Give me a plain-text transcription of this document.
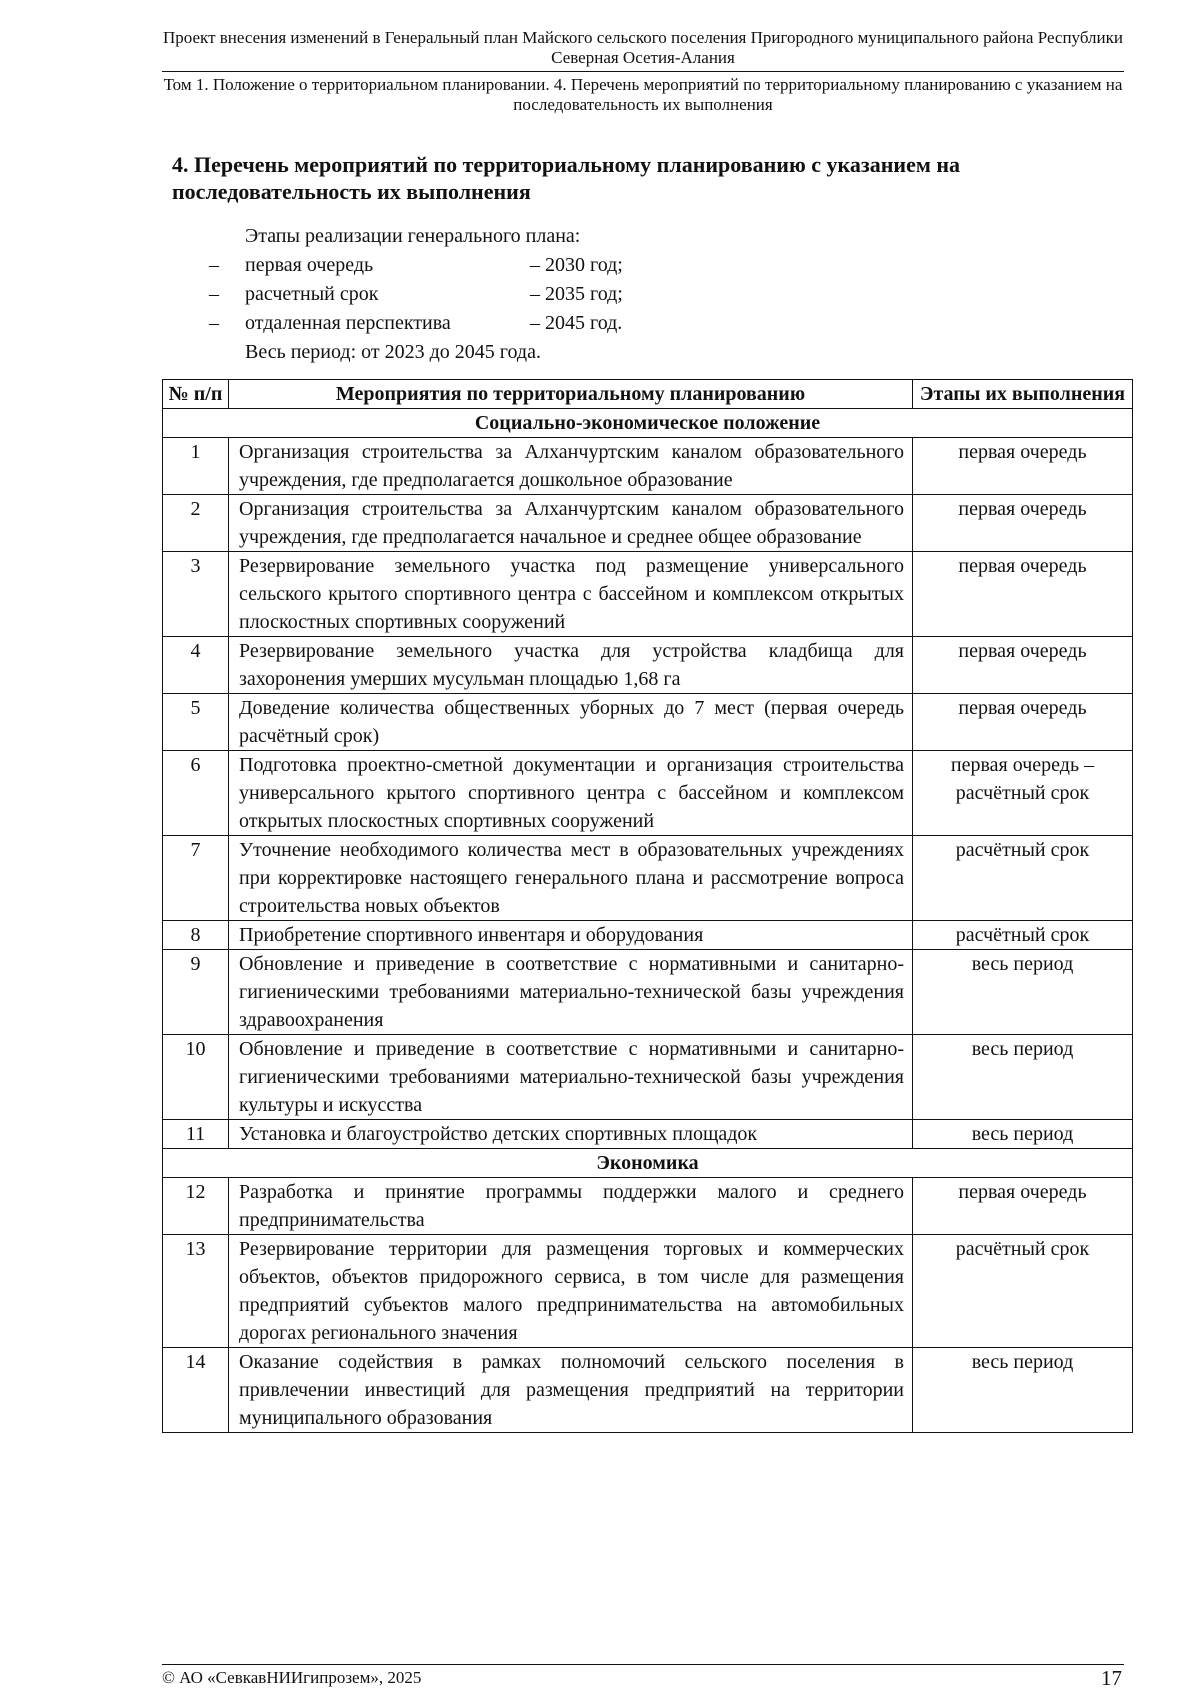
Проект внесения изменений в Генеральный план Майского сельского поселения Пригородного муниципального района Республики Северная Осетия-Алания
Том 1. Положение о территориальном планировании. 4. Перечень мероприятий по территориальному планированию с указанием на последовательность их выполнения
4. Перечень мероприятий по территориальному планированию с указанием на последовательность их выполнения
Этапы реализации генерального плана:
– первая очередь	– 2030 год;
– расчетный срок	– 2035 год;
– отдаленная перспектива	– 2045 год.
Весь период: от 2023 до 2045 года.
№ п/п	Мероприятия по территориальному планированию	Этапы их выполнения
Социально-экономическое положение		
1	Организация строительства за Алханчуртским каналом образовательного учреждения, где предполагается дошкольное образование	первая очередь
2	Организация строительства за Алханчуртским каналом образовательного учреждения, где предполагается начальное и среднее общее образование	первая очередь
3	Резервирование земельного участка под размещение универсального сельского крытого спортивного центра с бассейном и комплексом открытых плоскостных спортивных сооружений	первая очередь
4	Резервирование земельного участка для устройства кладбища для захоронения умерших мусульман площадью 1,68 га	первая очередь
5	Доведение количества общественных уборных до 7 мест (первая очередь расчётный срок)	первая очередь
6	Подготовка проектно-сметной документации и организация строительства универсального крытого спортивного центра с бассейном и комплексом открытых плоскостных спортивных сооружений	первая очередь – расчётный срок
7	Уточнение необходимого количества мест в образовательных учреждениях при корректировке настоящего генерального плана и рассмотрение вопроса строительства новых объектов	расчётный срок
8	Приобретение спортивного инвентаря и оборудования	расчётный срок
9	Обновление и приведение в соответствие с нормативными и санитарно-гигиеническими требованиями материально-технической базы учреждения здравоохранения	весь период
10	Обновление и приведение в соответствие с нормативными и санитарно-гигиеническими требованиями материально-технической базы учреждения культуры и искусства	весь период
11	Установка и благоустройство детских спортивных площадок	весь период
Экономика		
12	Разработка и принятие программы поддержки малого и среднего предпринимательства	первая очередь
13	Резервирование территории для размещения торговых и коммерческих объектов, объектов придорожного сервиса, в том числе для размещения предприятий субъектов малого предпринимательства на автомобильных дорогах регионального значения	расчётный срок
14	Оказание содействия в рамках полномочий сельского поселения в привлечении инвестиций для размещения предприятий на территории муниципального образования	весь период
© АО «СевкавНИИгипрозем», 2025	17
